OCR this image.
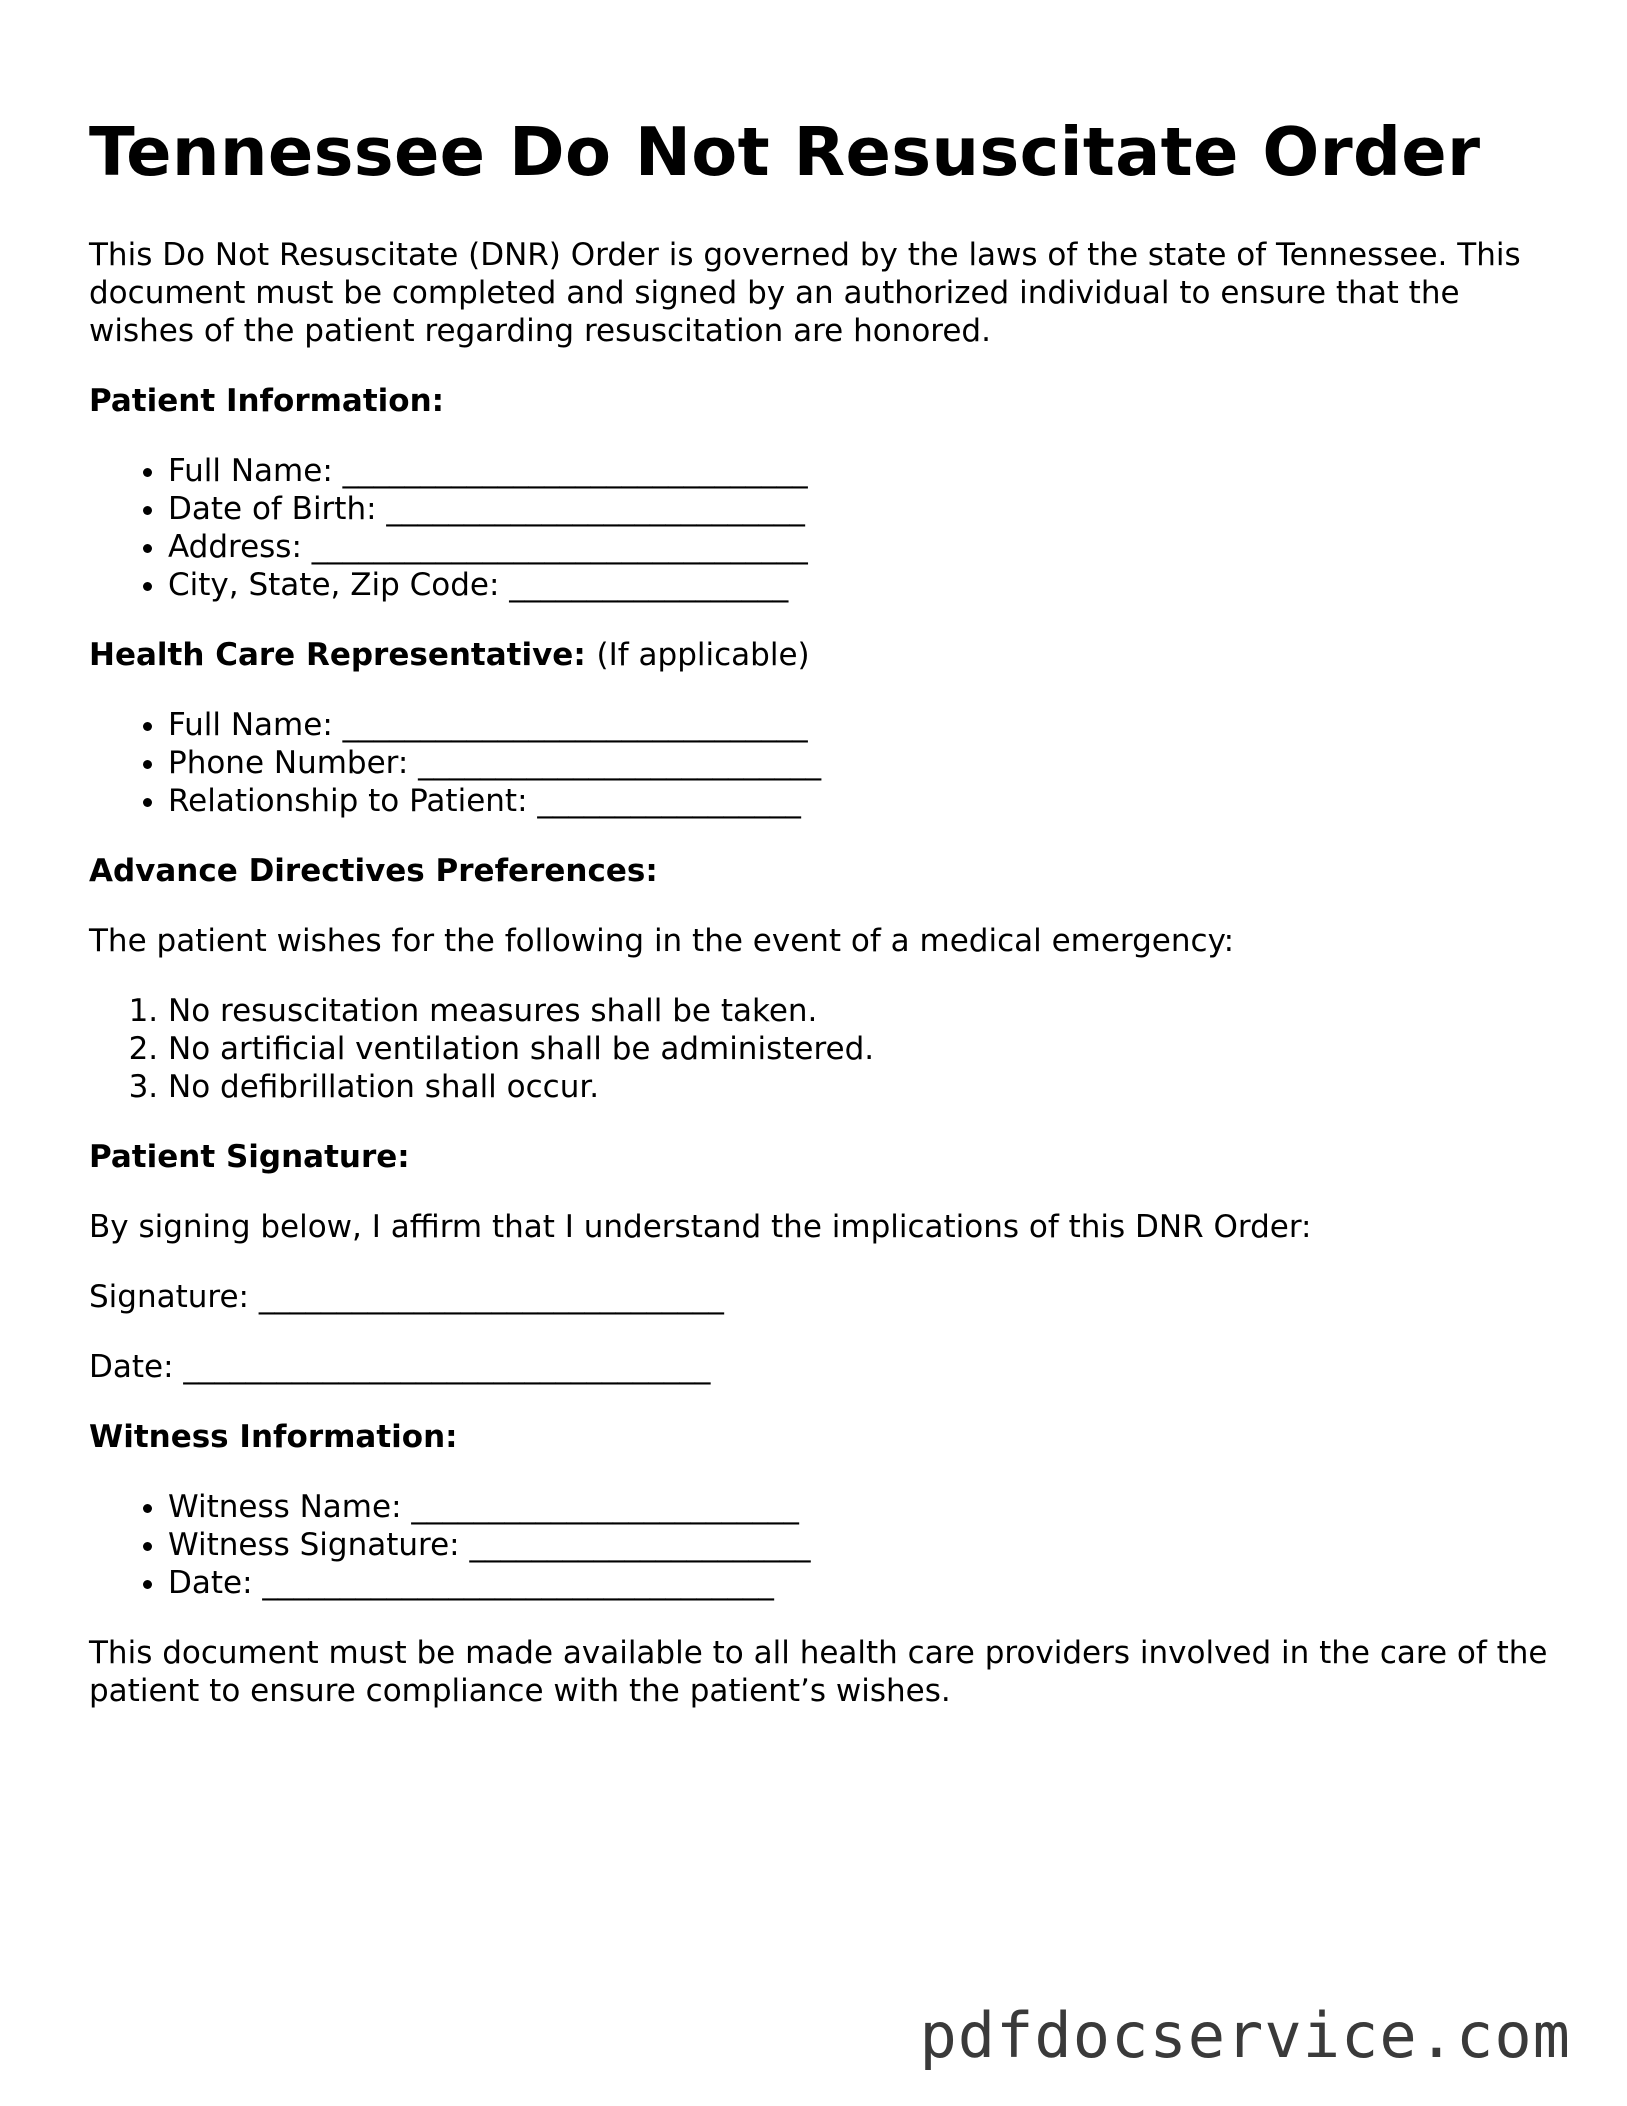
Tennessee Do Not Resuscitate Order

This Do Not Resuscitate (DNR) Order is governed by the laws of the state of Tennessee. This document must be completed and signed by an authorized individual to ensure that the wishes of the patient regarding resuscitation are honored.

Patient Information:

• Full Name: ______________________________
• Date of Birth: ___________________________
• Address: ________________________________
• City, State, Zip Code: __________________

Health Care Representative: (If applicable)

• Full Name: ______________________________
• Phone Number: __________________________
• Relationship to Patient: _________________

Advance Directives Preferences:

The patient wishes for the following in the event of a medical emergency:

1. No resuscitation measures shall be taken.
2. No artificial ventilation shall be administered.
3. No defibrillation shall occur.

Patient Signature:

By signing below, I affirm that I understand the implications of this DNR Order:

Signature: ______________________________

Date: __________________________________

Witness Information:

• Witness Name: _________________________
• Witness Signature: ______________________
• Date: _________________________________

This document must be made available to all health care providers involved in the care of the patient to ensure compliance with the patient’s wishes.

pdfdocservice.com
